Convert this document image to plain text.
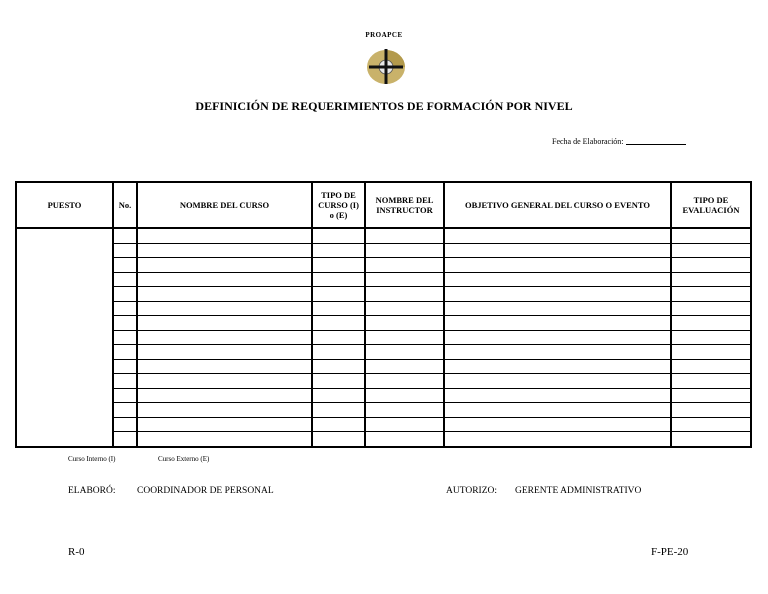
PROAPCE
DEFINICIÓN DE REQUERIMIENTOS DE FORMACIÓN POR NIVEL
Fecha de Elaboración:
PUESTO	No.	NOMBRE DEL CURSO	TIPO DE CURSO (I) o (E)	NOMBRE DEL INSTRUCTOR	OBJETIVO GENERAL DEL CURSO O EVENTO	TIPO DE EVALUACIÓN

Curso Interno (I)	Curso Externo (E)
ELABORÓ: COORDINADOR DE PERSONAL	AUTORIZO: GERENTE ADMINISTRATIVO
R-0	F-PE-20
